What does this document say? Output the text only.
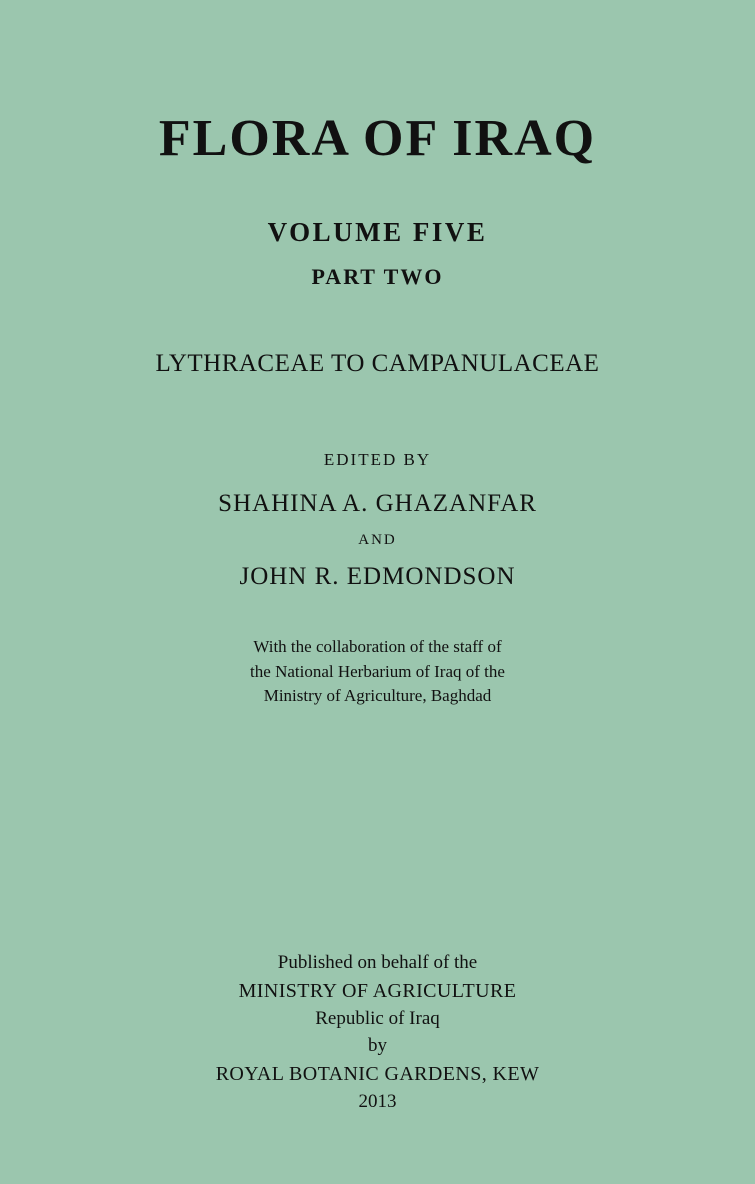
FLORA OF IRAQ
VOLUME FIVE
PART TWO
LYTHRACEAE TO CAMPANULACEAE
EDITED BY
SHAHINA A. GHAZANFAR
AND
JOHN R. EDMONDSON
With the collaboration of the staff of
the National Herbarium of Iraq of the
Ministry of Agriculture, Baghdad
Published on behalf of the
MINISTRY OF AGRICULTURE
Republic of Iraq
by
ROYAL BOTANIC GARDENS, KEW
2013
